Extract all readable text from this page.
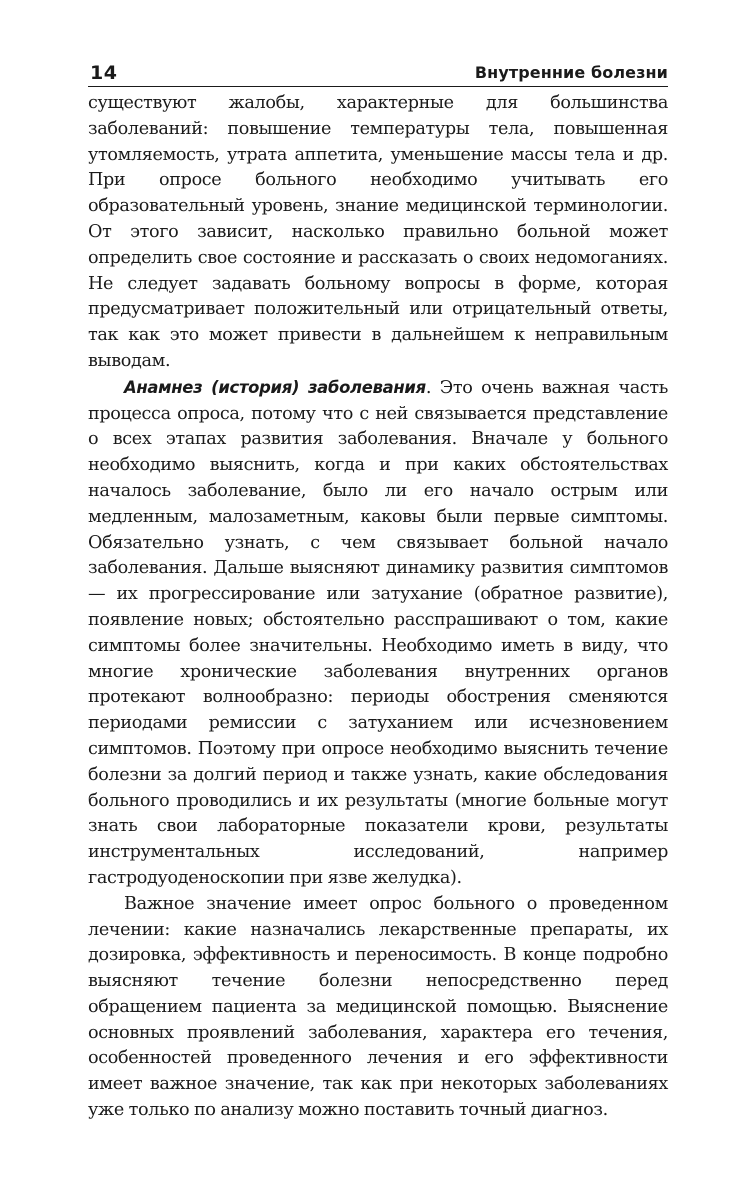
14	Внутренние болезни

существуют жалобы, характерные для большинства заболеваний: повышение температуры тела, повышенная утомляемость, утрата аппетита, уменьшение массы тела и др. При опросе больного необходимо учитывать его образовательный уровень, знание медицинской терминологии. От этого зависит, насколько правильно больной может определить свое состояние и рассказать о своих недомоганиях. Не следует задавать больному вопросы в форме, которая предусматривает положительный или отрицательный ответы, так как это может привести в дальнейшем к неправильным выводам.

Анамнез (история) заболевания. Это очень важная часть процесса опроса, потому что с ней связывается представление о всех этапах развития заболевания. Вначале у больного необходимо выяснить, когда и при каких обстоятельствах началось заболевание, было ли его начало острым или медленным, малозаметным, каковы были первые симптомы. Обязательно узнать, с чем связывает больной начало заболевания. Дальше выясняют динамику развития симптомов — их прогрессирование или затухание (обратное развитие), появление новых; обстоятельно расспрашивают о том, какие симптомы более значительны. Необходимо иметь в виду, что многие хронические заболевания внутренних органов протекают волнообразно: периоды обострения сменяются периодами ремиссии с затуханием или исчезновением симптомов. Поэтому при опросе необходимо выяснить течение болезни за долгий период и также узнать, какие обследования больного проводились и их результаты (многие больные могут знать свои лабораторные показатели крови, результаты инструментальных исследований, например гастродуоденоскопии при язве желудка).

Важное значение имеет опрос больного о проведенном лечении: какие назначались лекарственные препараты, их дозировка, эффективность и переносимость. В конце подробно выясняют течение болезни непосредственно перед обращением пациента за медицинской помощью. Выяснение основных проявлений заболевания, характера его течения, особенностей проведенного лечения и его эффективности имеет важное значение, так как при некоторых заболеваниях уже только по анализу можно поставить точный диагноз.
